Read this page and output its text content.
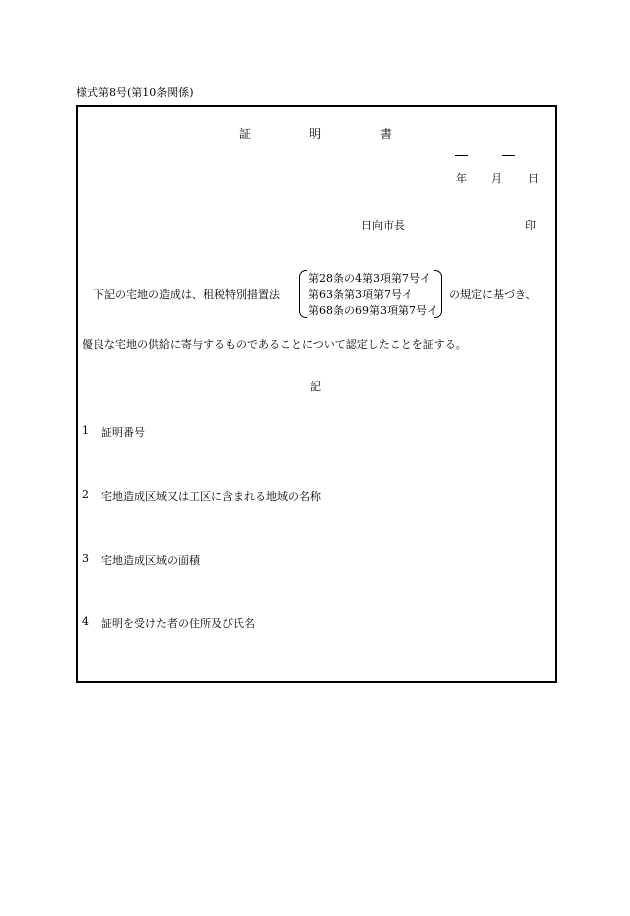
様式第8号(第10条関係)
証	明	書
年 月 日
日向市長	印
下記の宅地の造成は、租税特別措置法
第28条の4第3項第7号イ
第63条第3項第7号イ
第68条の69第3項第7号イ
の規定に基づき、
優良な宅地の供給に寄与するものであることについて認定したことを証する。
記
1 証明番号
2 宅地造成区域又は工区に含まれる地域の名称
3 宅地造成区域の面積
4 証明を受けた者の住所及び氏名
